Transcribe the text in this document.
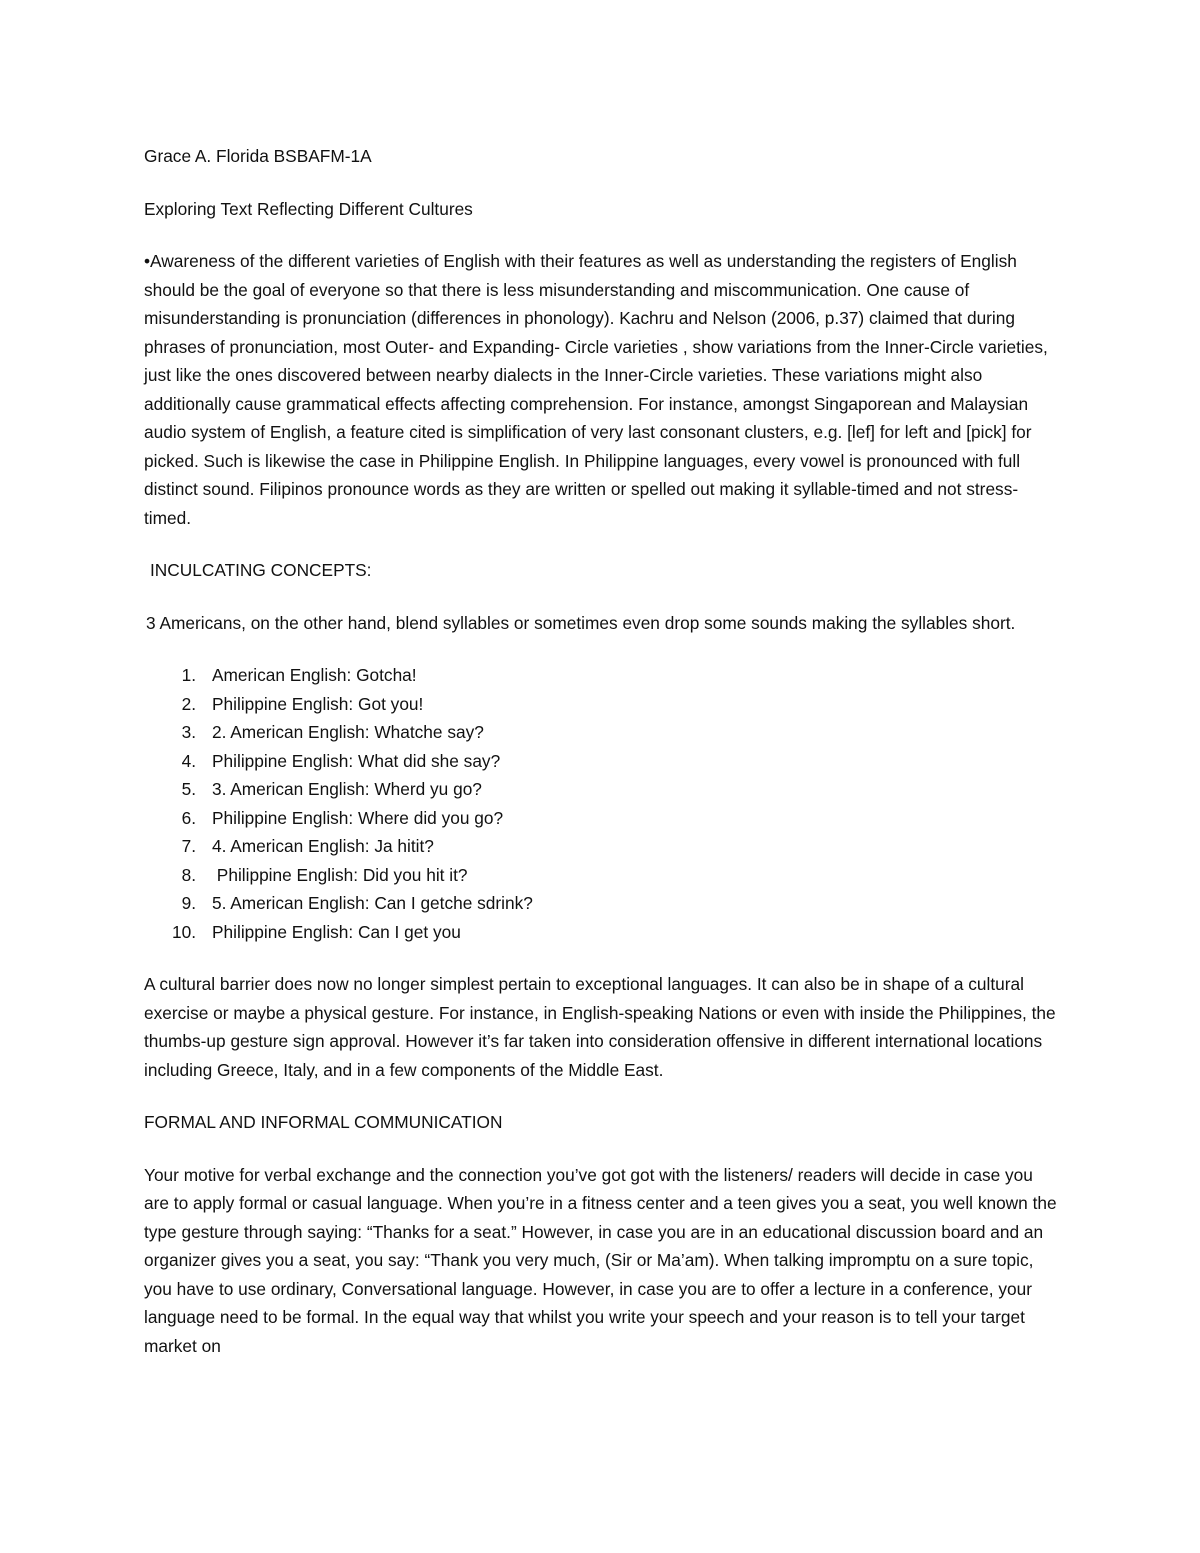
Grace A. Florida BSBAFM-1A

Exploring Text Reflecting Different Cultures

•Awareness of the different varieties of English with their features as well as understanding the registers of English should be the goal of everyone so that there is less misunderstanding and miscommunication. One cause of misunderstanding is pronunciation (differences in phonology). Kachru and Nelson (2006, p.37) claimed that during phrases of pronunciation, most Outer- and Expanding- Circle varieties , show variations from the Inner-Circle varieties, just like the ones discovered between nearby dialects in the Inner-Circle varieties. These variations might also additionally cause grammatical effects affecting comprehension. For instance, amongst Singaporean and Malaysian audio system of English, a feature cited is simplification of very last consonant clusters, e.g. [lef] for left and [pick] for picked. Such is likewise the case in Philippine English. In Philippine languages, every vowel is pronounced with full distinct sound. Filipinos pronounce words as they are written or spelled out making it syllable-timed and not stress-timed.

INCULCATING CONCEPTS:

3 Americans, on the other hand, blend syllables or sometimes even drop some sounds making the syllables short.

1. American English: Gotcha!
2. Philippine English: Got you!
3. 2. American English: Whatche say?
4. Philippine English: What did she say?
5. 3. American English: Wherd yu go?
6. Philippine English: Where did you go?
7. 4. American English: Ja hitit?
8. Philippine English: Did you hit it?
9. 5. American English: Can I getche sdrink?
10. Philippine English: Can I get you

A cultural barrier does now no longer simplest pertain to exceptional languages. It can also be in shape of a cultural exercise or maybe a physical gesture. For instance, in English-speaking Nations or even with inside the Philippines, the thumbs-up gesture sign approval. However it’s far taken into consideration offensive in different international locations including Greece, Italy, and in a few components of the Middle East.

FORMAL AND INFORMAL COMMUNICATION

Your motive for verbal exchange and the connection you’ve got got with the listeners/ readers will decide in case you are to apply formal or casual language. When you’re in a fitness center and a teen gives you a seat, you well known the type gesture through saying: “Thanks for a seat.” However, in case you are in an educational discussion board and an organizer gives you a seat, you say: “Thank you very much, (Sir or Ma’am). When talking impromptu on a sure topic, you have to use ordinary, Conversational language. However, in case you are to offer a lecture in a conference, your language need to be formal. In the equal way that whilst you write your speech and your reason is to tell your target market on
